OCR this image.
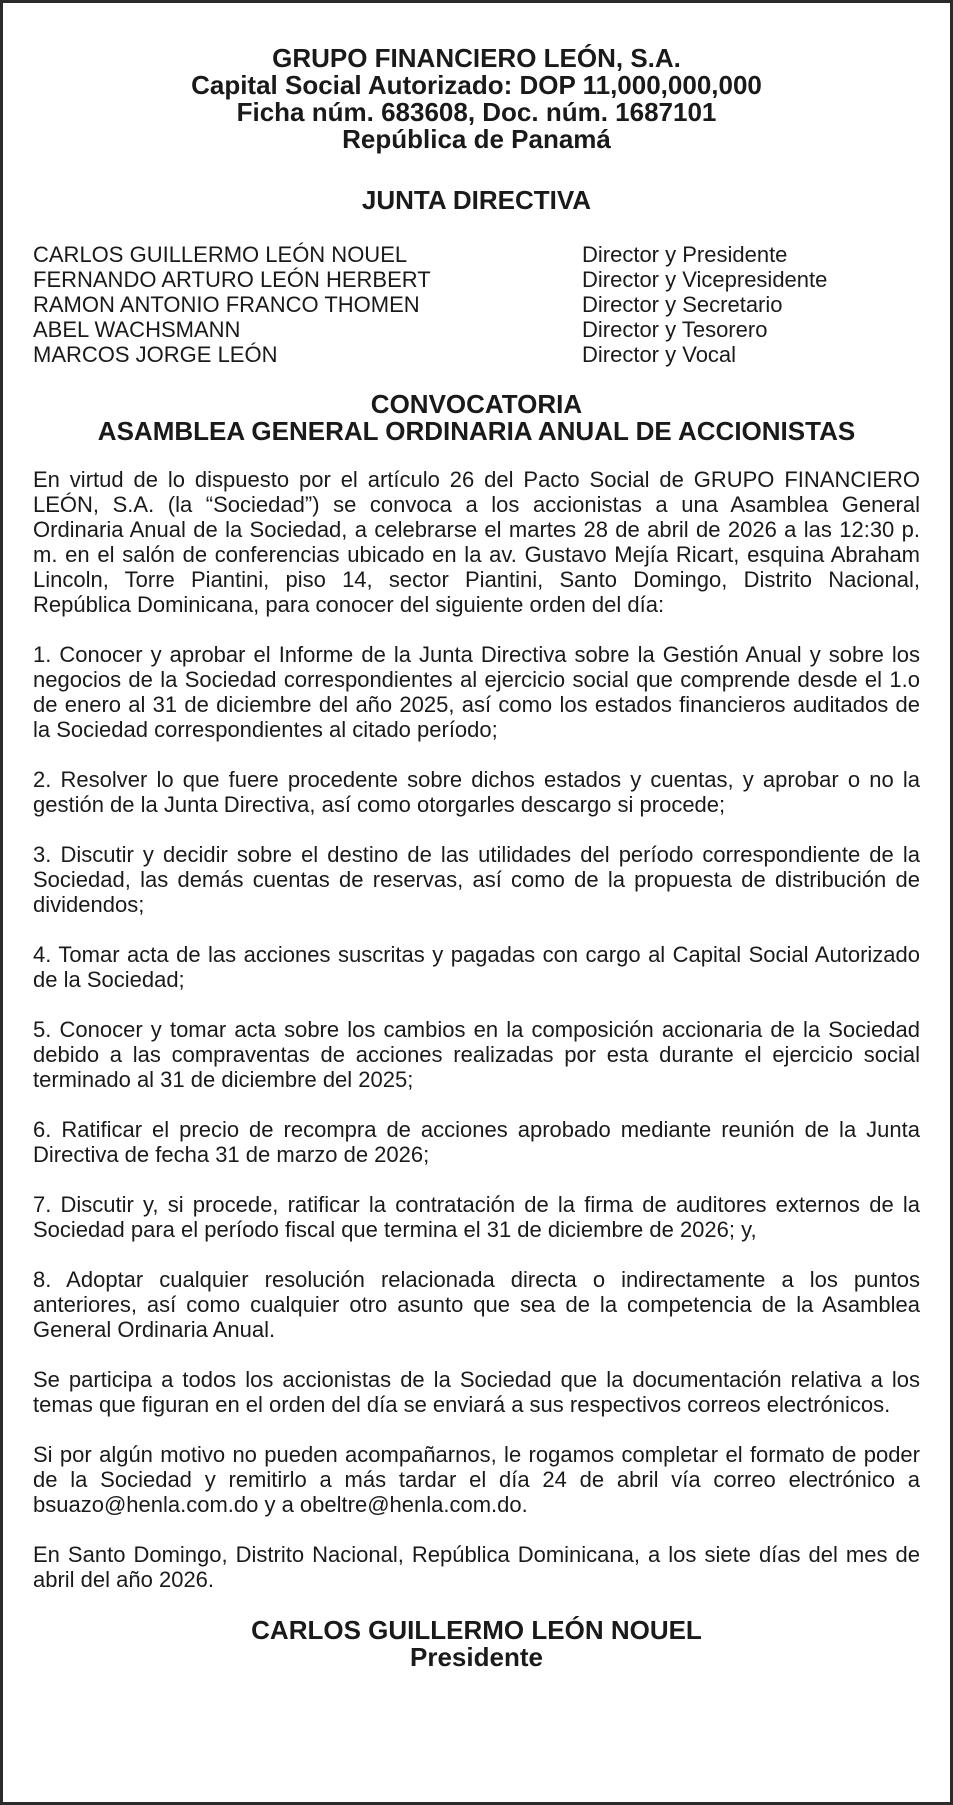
GRUPO FINANCIERO LEÓN, S.A.
Capital Social Autorizado: DOP 11,000,000,000
Ficha núm. 683608, Doc. núm. 1687101
República de Panamá
JUNTA DIRECTIVA
CARLOS GUILLERMO LEÓN NOUEL	Director y Presidente
FERNANDO ARTURO LEÓN HERBERT	Director y Vicepresidente
RAMON ANTONIO FRANCO THOMEN	Director y Secretario
ABEL WACHSMANN	Director y Tesorero
MARCOS JORGE LEÓN	Director y Vocal
CONVOCATORIA
ASAMBLEA GENERAL ORDINARIA ANUAL DE ACCIONISTAS

En virtud de lo dispuesto por el artículo 26 del Pacto Social de GRUPO FINANCIERO LEÓN, S.A. (la “Sociedad”) se convoca a los accionistas a una Asamblea General Ordinaria Anual de la Sociedad, a celebrarse el martes 28 de abril de 2026 a las 12:30 p. m. en el salón de conferencias ubicado en la av. Gustavo Mejía Ricart, esquina Abraham Lincoln, Torre Piantini, piso 14, sector Piantini, Santo Domingo, Distrito Nacional, República Dominicana, para conocer del siguiente orden del día:

1. Conocer y aprobar el Informe de la Junta Directiva sobre la Gestión Anual y sobre los negocios de la Sociedad correspondientes al ejercicio social que comprende desde el 1.o de enero al 31 de diciembre del año 2025, así como los estados financieros auditados de la Sociedad correspondientes al citado período;

2. Resolver lo que fuere procedente sobre dichos estados y cuentas, y aprobar o no la gestión de la Junta Directiva, así como otorgarles descargo si procede;

3. Discutir y decidir sobre el destino de las utilidades del período correspondiente de la Sociedad, las demás cuentas de reservas, así como de la propuesta de distribución de dividendos;

4. Tomar acta de las acciones suscritas y pagadas con cargo al Capital Social Autorizado de la Sociedad;

5. Conocer y tomar acta sobre los cambios en la composición accionaria de la Sociedad debido a las compraventas de acciones realizadas por esta durante el ejercicio social terminado al 31 de diciembre del 2025;

6. Ratificar el precio de recompra de acciones aprobado mediante reunión de la Junta Directiva de fecha 31 de marzo de 2026;

7. Discutir y, si procede, ratificar la contratación de la firma de auditores externos de la Sociedad para el período fiscal que termina el 31 de diciembre de 2026; y,

8. Adoptar cualquier resolución relacionada directa o indirectamente a los puntos anteriores, así como cualquier otro asunto que sea de la competencia de la Asamblea General Ordinaria Anual.

Se participa a todos los accionistas de la Sociedad que la documentación relativa a los temas que figuran en el orden del día se enviará a sus respectivos correos electrónicos.

Si por algún motivo no pueden acompañarnos, le rogamos completar el formato de poder de la Sociedad y remitirlo a más tardar el día 24 de abril vía correo electrónico a bsuazo@henla.com.do y a obeltre@henla.com.do.

En Santo Domingo, Distrito Nacional, República Dominicana, a los siete días del mes de abril del año 2026.

CARLOS GUILLERMO LEÓN NOUEL
Presidente
